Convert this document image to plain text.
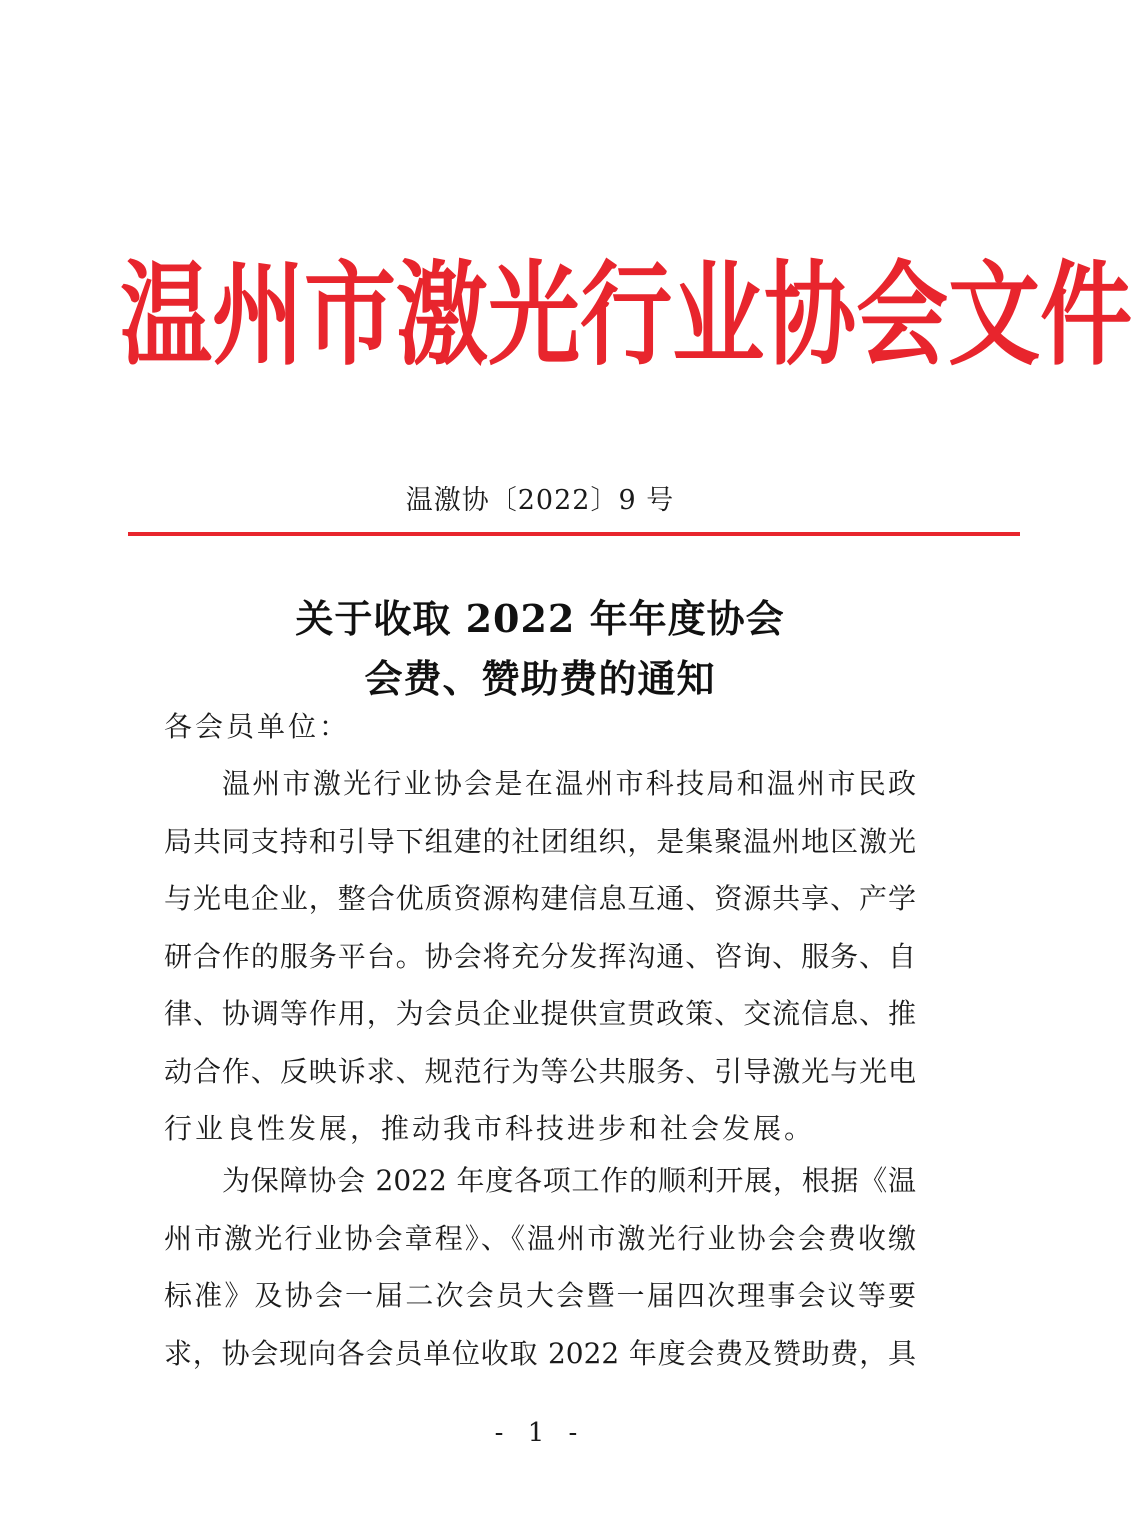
温 州 市 激 光 行 业 协 会 文 件
温激协〔2022〕9 号
关于收取 2022 年年度协会
会费、赞助费的通知
各会员单位：
温州市激光行业协会是在温州市科技局和温州市民政
局共同支持和引导下组建的社团组织，是集聚温州地区激光
与光电企业，整合优质资源构建信息互通、资源共享、产学
研合作的服务平台。协会将充分发挥沟通、咨询、服务、自
律、协调等作用，为会员企业提供宣贯政策、交流信息、推
动合作、反映诉求、规范行为等公共服务、引导激光与光电
行业良性发展，推动我市科技进步和社会发展。
为保障协会 2022 年度各项工作的顺利开展，根据《温
州市激光行业协会章程》、《温州市激光行业协会会费收缴
标准》及协会一届二次会员大会暨一届四次理事会议等要
求，协会现向各会员单位收取 2022 年度会费及赞助费，具
- 1 -
